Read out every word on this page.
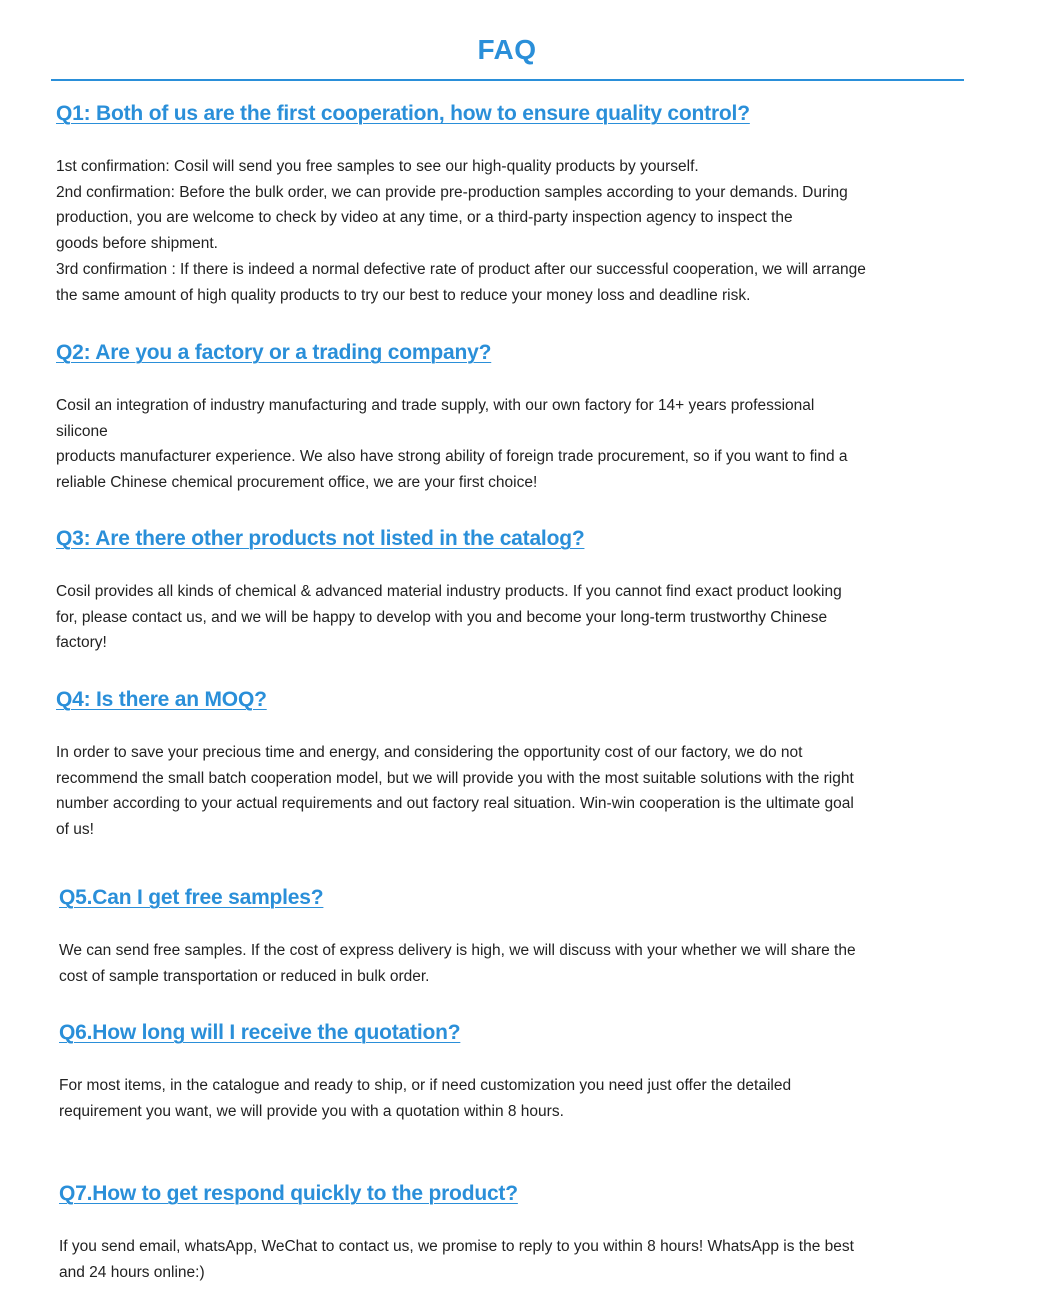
FAQ
Q1: Both of us are the first cooperation, how to ensure quality control?

1st confirmation: Cosil will send you free samples to see our high-quality products by yourself.

2nd confirmation: Before the bulk order, we can provide pre-production samples according to your demands. During

production, you are welcome to check by video at any time, or a third-party inspection agency to inspect the

goods before shipment.

3rd confirmation : If there is indeed a normal defective rate of product after our successful cooperation, we will arrange

the same amount of high quality products to try our best to reduce your money loss and deadline risk.

Q2: Are you a factory or a trading company?

Cosil an integration of industry manufacturing and trade supply, with our own factory for 14+ years professional

silicone

products manufacturer experience. We also have strong ability of foreign trade procurement, so if you want to find a

reliable Chinese chemical procurement office, we are your first choice!

Q3: Are there other products not listed in the catalog?

Cosil provides all kinds of chemical & advanced material industry products. If you cannot find exact product looking

for, please contact us, and we will be happy to develop with you and become your long-term trustworthy Chinese

factory!

Q4: Is there an MOQ?

In order to save your precious time and energy, and considering the opportunity cost of our factory, we do not

recommend the small batch cooperation model, but we will provide you with the most suitable solutions with the right

number according to your actual requirements and out factory real situation. Win-win cooperation is the ultimate goal

of us!

Q5.Can I get free samples?

We can send free samples. If the cost of express delivery is high, we will discuss with your whether we will share the

cost of sample transportation or reduced in bulk order.

Q6.How long will I receive the quotation?

For most items, in the catalogue and ready to ship, or if need customization you need just offer the detailed

requirement you want, we will provide you with a quotation within 8 hours.

Q7.How to get respond quickly to the product?

If you send email, whatsApp, WeChat to contact us, we promise to reply to you within 8 hours! WhatsApp is the best

and 24 hours online:)
